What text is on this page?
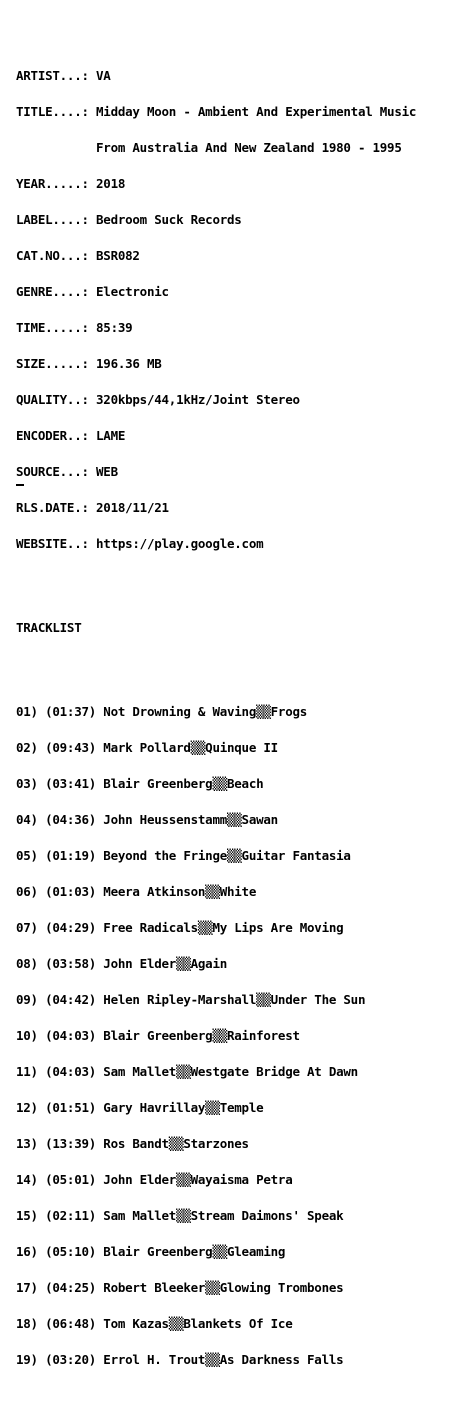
ARTIST...: VA

TITLE....: Midday Moon - Ambient And Experimental Music

From Australia And New Zealand 1980 - 1995

YEAR.....: 2018

LABEL....: Bedroom Suck Records

CAT.NO...: BSR082

GENRE....: Electronic

TIME.....: 85:39

SIZE.....: 196.36 MB

QUALITY..: 320kbps/44,1kHz/Joint Stereo

ENCODER..: LAME

SOURCE...: WEB

RLS.DATE.: 2018/11/21

WEBSITE..: https://play.google.com

TRACKLIST

01) (01:37) Not Drowning & Waving▒▒Frogs

02) (09:43) Mark Pollard▒▒Quinque II

03) (03:41) Blair Greenberg▒▒Beach

04) (04:36) John Heussenstamm▒▒Sawan

05) (01:19) Beyond the Fringe▒▒Guitar Fantasia

06) (01:03) Meera Atkinson▒▒White

07) (04:29) Free Radicals▒▒My Lips Are Moving

08) (03:58) John Elder▒▒Again

09) (04:42) Helen Ripley-Marshall▒▒Under The Sun

10) (04:03) Blair Greenberg▒▒Rainforest

11) (04:03) Sam Mallet▒▒Westgate Bridge At Dawn

12) (01:51) Gary Havrillay▒▒Temple

13) (13:39) Ros Bandt▒▒Starzones

14) (05:01) John Elder▒▒Wayaisma Petra

15) (02:11) Sam Mallet▒▒Stream Daimons' Speak

16) (05:10) Blair Greenberg▒▒Gleaming

17) (04:25) Robert Bleeker▒▒Glowing Trombones

18) (06:48) Tom Kazas▒▒Blankets Of Ice

19) (03:20) Errol H. Trout▒▒As Darkness Falls
